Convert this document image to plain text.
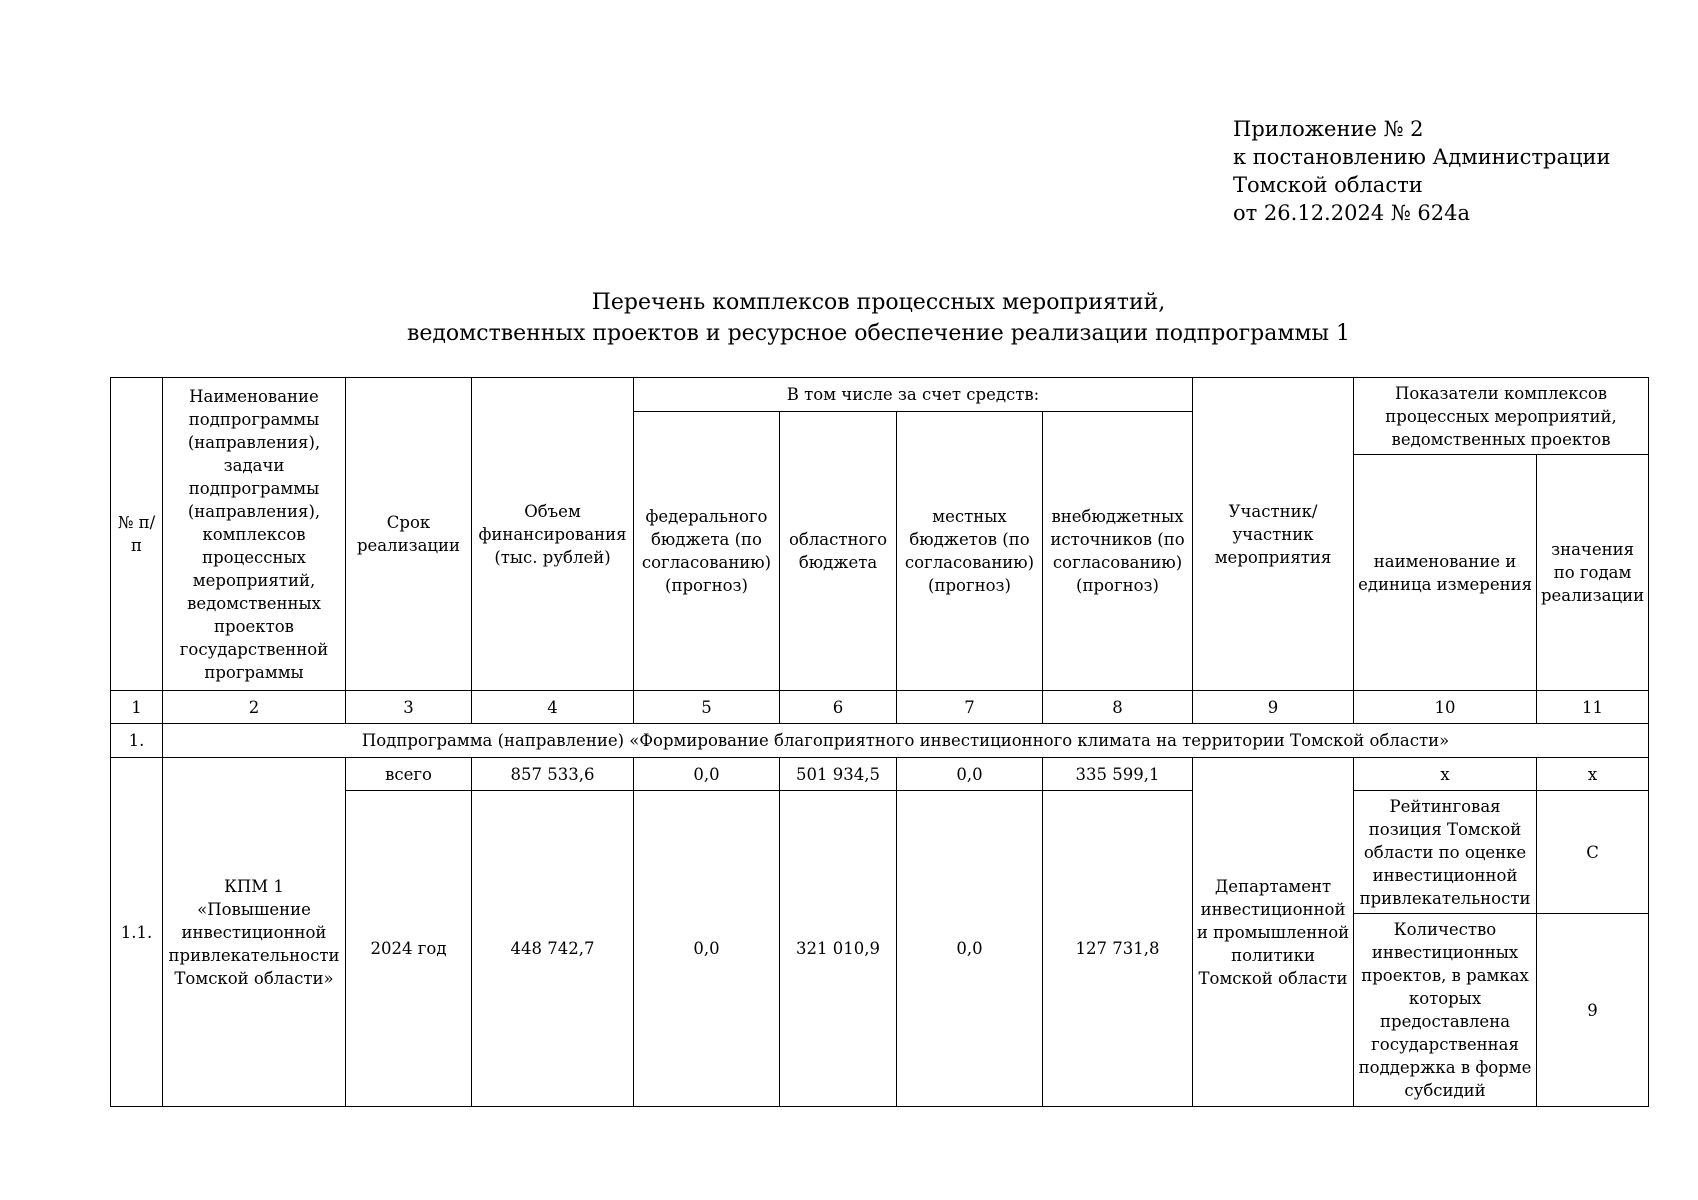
Приложение № 2
к постановлению Администрации
Томской области
от 26.12.2024 № 624а
Перечень комплексов процессных мероприятий,
ведомственных проектов и ресурсное обеспечение реализации подпрограммы 1
№ п/п	Наименование подпрограммы (направления), задачи подпрограммы (направления), комплексов процессных мероприятий, ведомственных проектов государственной программы	Срок реализации	Объем финансирования (тыс. рублей)	В том числе за счет средств:				Участник/ участник мероприятия	Показатели комплексов процессных мероприятий, ведомственных проектов	
				федерального бюджета (по согласованию) (прогноз)	областного бюджета	местных бюджетов (по согласованию) (прогноз)	внебюджетных источников (по согласованию) (прогноз)			
									наименование и единица измерения	значения по годам реализации
1	2	3	4	5	6	7	8	9	10	11
1.	Подпрограмма (направление) «Формирование благоприятного инвестиционного климата на территории Томской области»									
1.1.	КПМ 1 «Повышение инвестиционной привлекательности Томской области»	всего	857 533,6	0,0	501 934,5	0,0	335 599,1	Департамент инвестиционной и промышленной политики Томской области	х	х
		2024 год	448 742,7	0,0	321 010,9	0,0	127 731,8		Рейтинговая позиция Томской области по оценке инвестиционной привлекательности	С
									Количество инвестиционных проектов, в рамках которых предоставлена государственная поддержка в форме субсидий	9
